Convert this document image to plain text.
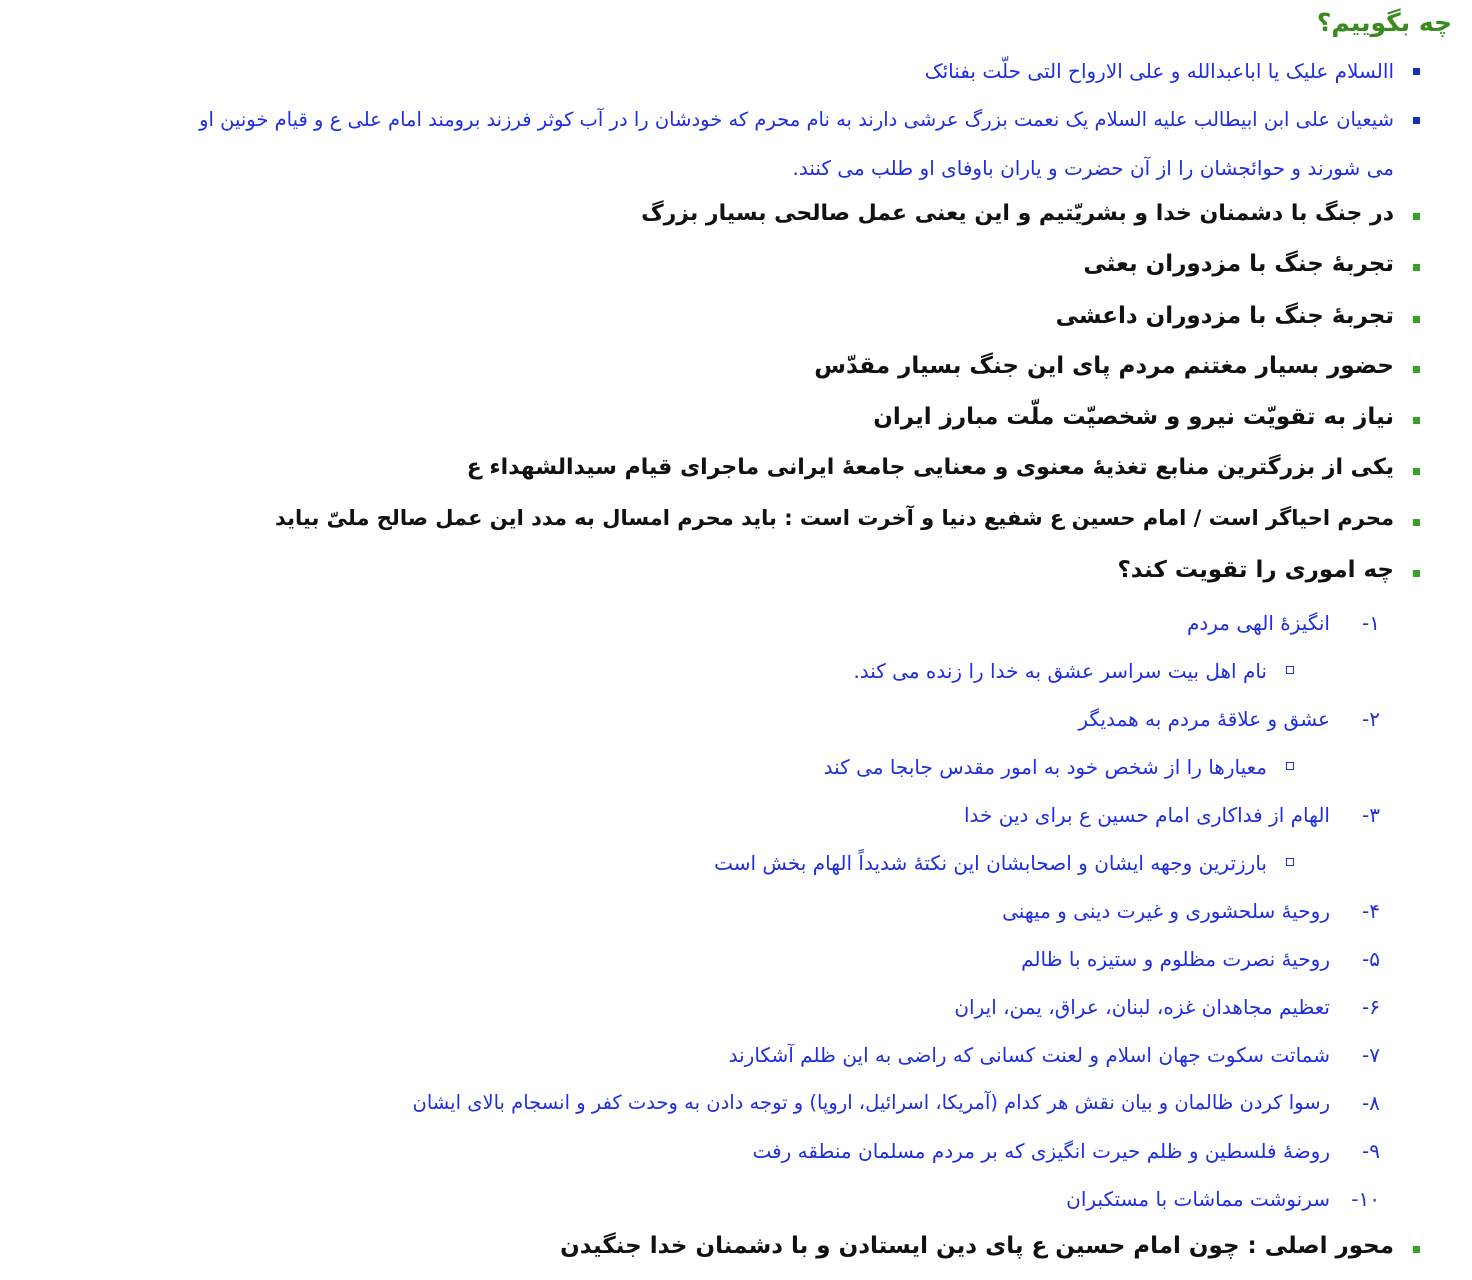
چه بگوییم؟
االسلام علیک یا اباعبدالله و علی الارواح التی حلّت بفنائک
شیعیان علی ابن ابیطالب علیه السلام یک نعمت بزرگ عرشی دارند به نام محرم که خودشان را در آب کوثر فرزند برومند امام علی ع و قیام خونین او
می شورند و حوائجشان را از آن حضرت و یاران باوفای او طلب می کنند.
در جنگ با دشمنان خدا و بشریّتیم و این یعنی عمل صالحی بسیار بزرگ
تجربۀ جنگ با مزدوران بعثی
تجربۀ جنگ با مزدوران داعشی
حضور بسیار مغتنم مردم پای این جنگ بسیار مقدّس
نیاز به تقویّت نیرو و شخصیّت ملّت مبارز ایران
یکی از بزرگترین منابع تغذیۀ معنوی و معنایی جامعۀ ایرانی ماجرای قیام سیدالشهداء ع
محرم احیاگر است / امام حسین ع شفیع دنیا و آخرت است : باید محرم امسال به مدد این عمل صالح ملیّ بیاید
چه اموری را تقویت کند؟
۱-
انگیزۀ الهی مردم
نام اهل بیت سراسر عشق به خدا را زنده می کند.
۲-
عشق و علاقۀ مردم به همدیگر
معیارها را از شخص خود به امور مقدس جابجا می کند
۳-
الهام از فداکاری امام حسین ع برای دین خدا
بارزترین وجهه ایشان و اصحابشان این نکتۀ شدیداً الهام بخش است
۴-
روحیۀ سلحشوری و غیرت دینی و میهنی
۵-
روحیۀ نصرت مظلوم و ستیزه با ظالم
۶-
تعظیم مجاهدان غزه، لبنان، عراق، یمن، ایران
۷-
شماتت سکوت جهان اسلام و لعنت کسانی که راضی به این ظلم آشکارند
۸-
رسوا کردن ظالمان و بیان نقش هر کدام (آمریکا، اسرائیل، اروپا) و توجه دادن به وحدت کفر و انسجام بالای ایشان
۹-
روضۀ فلسطین و ظلم حیرت انگیزی که بر مردم مسلمان منطقه رفت
۱۰-
سرنوشت مماشات با مستکبران
محور اصلی : چون امام حسین ع پای دین ایستادن و با دشمنان خدا جنگیدن
